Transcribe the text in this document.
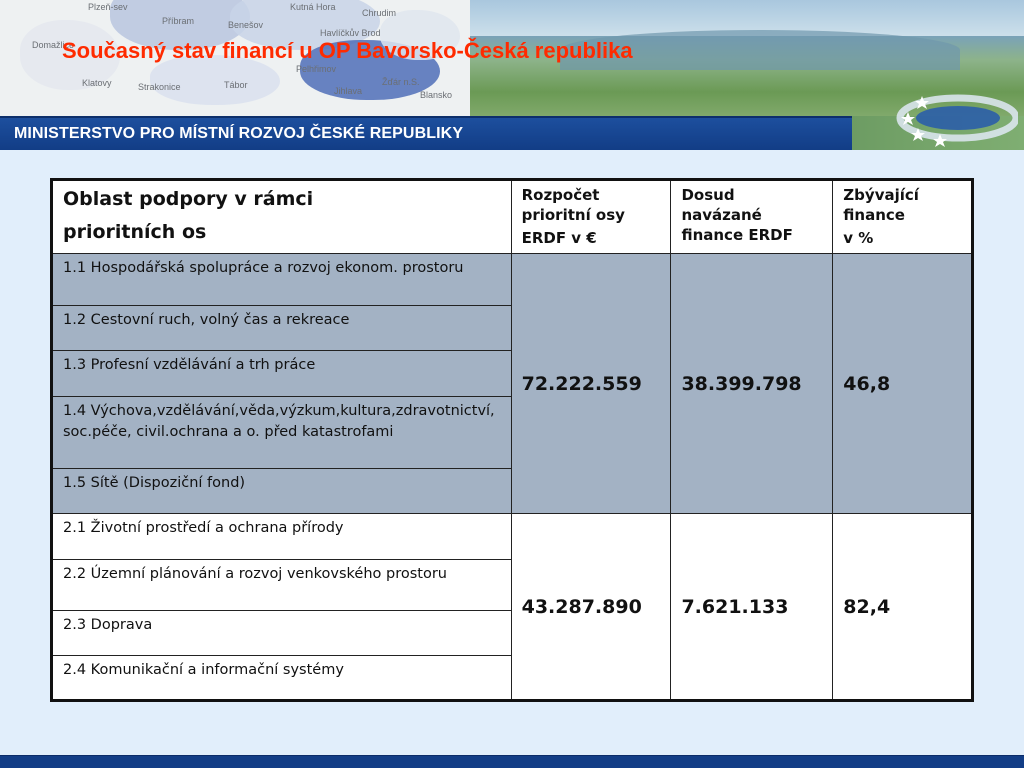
Plzeň-sev
Příbram	Benešov
Kutná Hora
Chrudim
Havlíčkův Brod
Pelhřimov
Domažlice
Klatovy	Strakonice	Tábor
Jihlava
Žďár n.S.
Blansko
Současný stav financí u OP Bavorsko-Česká republika
MINISTERSTVO PRO MÍSTNÍ ROZVOJ ČESKÉ REPUBLIKY
Oblast podpory v rámci
prioritních os	Rozpočet
prioritní osy
ERDF v €	Dosud
navázané
finance ERDF	Zbývající
finance
v %

1.1 Hospodářská spolupráce a rozvoj ekonom. prostoru	72.222.559	38.399.798	46,8
1.2 Cestovní ruch, volný čas a rekreace			
1.3 Profesní vzdělávání a trh práce			
1.4 Výchova,vzdělávání,věda,výzkum,kultura,zdravotnictví,soc.péče, civil.ochrana a o. před katastrofami			
1.5 Sítě (Dispoziční fond)			
2.1 Životní prostředí a ochrana přírody	43.287.890	7.621.133	82,4
2.2 Územní plánování a rozvoj venkovského prostoru			
2.3 Doprava			
2.4 Komunikační a informační systémy			
